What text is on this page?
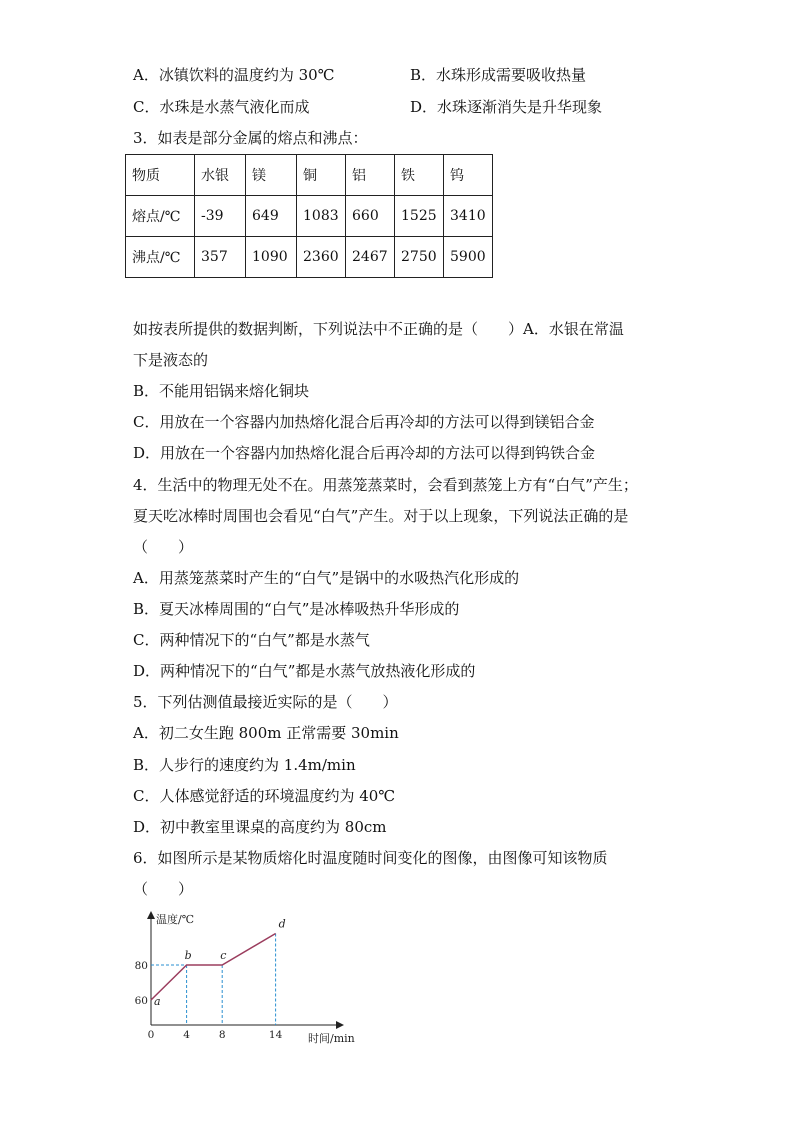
A．冰镇饮料的温度约为 30℃	B．水珠形成需要吸收热量
C．水珠是水蒸气液化而成	D．水珠逐渐消失是升华现象
3．如表是部分金属的熔点和沸点：
物质	水银	镁	铜	铝	铁	钨
熔点/℃	-39	649	1083	660	1525	3410
沸点/℃	357	1090	2360	2467	2750	5900
如按表所提供的数据判断，下列说法中不正确的是（　　）A．水银在常温
下是液态的
B．不能用铝锅来熔化铜块
C．用放在一个容器内加热熔化混合后再冷却的方法可以得到镁铝合金
D．用放在一个容器内加热熔化混合后再冷却的方法可以得到钨铁合金
4．生活中的物理无处不在。用蒸笼蒸菜时，会看到蒸笼上方有“白气”产生；
夏天吃冰棒时周围也会看见“白气”产生。对于以上现象，下列说法正确的是
（　　）
A．用蒸笼蒸菜时产生的“白气”是锅中的水吸热汽化形成的
B．夏天冰棒周围的“白气”是冰棒吸热升华形成的
C．两种情况下的“白气”都是水蒸气
D．两种情况下的“白气”都是水蒸气放热液化形成的
5．下列估测值最接近实际的是（　　）
A．初二女生跑 800m 正常需要 30min
B．人步行的速度约为 1.4m/min
C．人体感觉舒适的环境温度约为 40℃
D．初中教室里课桌的高度约为 80cm
6．如图所示是某物质熔化时温度随时间变化的图像，由图像可知该物质
（　　）
温度/℃
时间/min
a
b	c
d
0	4	8	14
60
80
